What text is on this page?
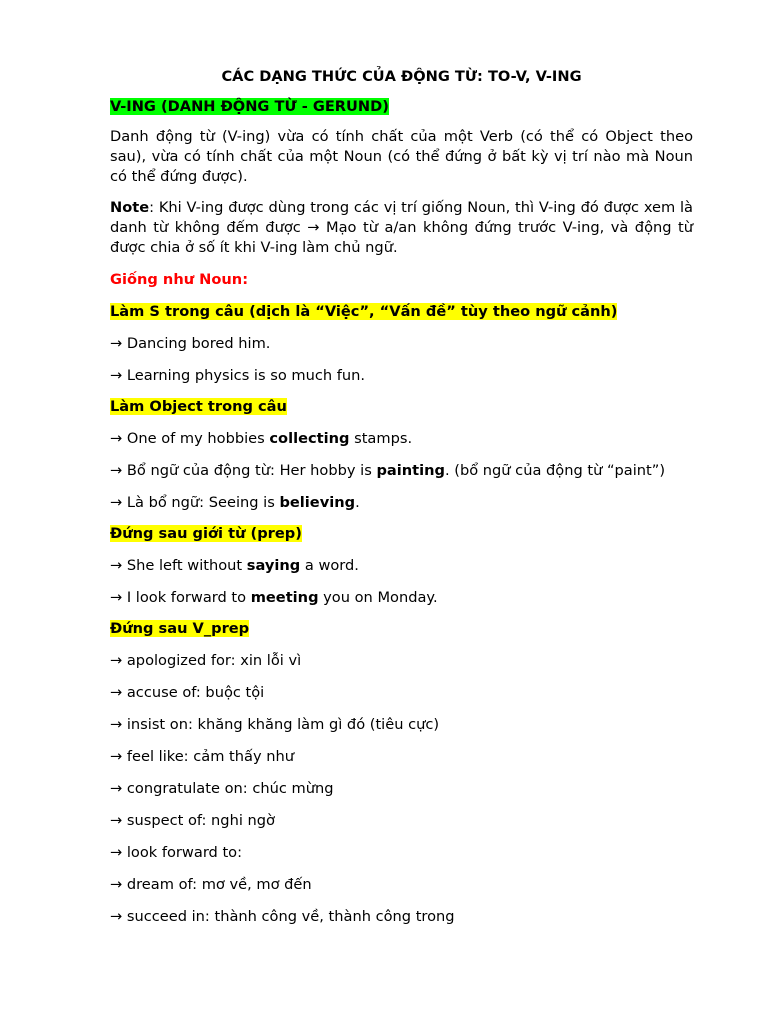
CÁC DẠNG THỨC CỦA ĐỘNG TỪ: TO-V, V-ING

V-ING (DANH ĐỘNG TỪ - GERUND)

Danh động từ (V-ing) vừa có tính chất của một Verb (có thể có Object theo sau), vừa có tính chất của một Noun (có thể đứng ở bất kỳ vị trí nào mà Noun có thể đứng được).

Note: Khi V-ing được dùng trong các vị trí giống Noun, thì V-ing đó được xem là danh từ không đếm được → Mạo từ a/an không đứng trước V-ing, và động từ được chia ở số ít khi V-ing làm chủ ngữ.

Giống như Noun:

Làm S trong câu (dịch là “Việc”, “Vấn đề” tùy theo ngữ cảnh)

→ Dancing bored him.

→ Learning physics is so much fun.

Làm Object trong câu

→ One of my hobbies collecting stamps.

→ Bổ ngữ của động từ: Her hobby is painting. (bổ ngữ của động từ “paint”)

→ Là bổ ngữ: Seeing is believing.

Đứng sau giới từ (prep)

→ She left without saying a word.

→ I look forward to meeting you on Monday.

Đứng sau V_prep

→ apologized for: xin lỗi vì

→ accuse of: buộc tội

→ insist on: khăng khăng làm gì đó (tiêu cực)

→ feel like: cảm thấy như

→ congratulate on: chúc mừng

→ suspect of: nghi ngờ

→ look forward to:

→ dream of: mơ về, mơ đến

→ succeed in: thành công về, thành công trong
